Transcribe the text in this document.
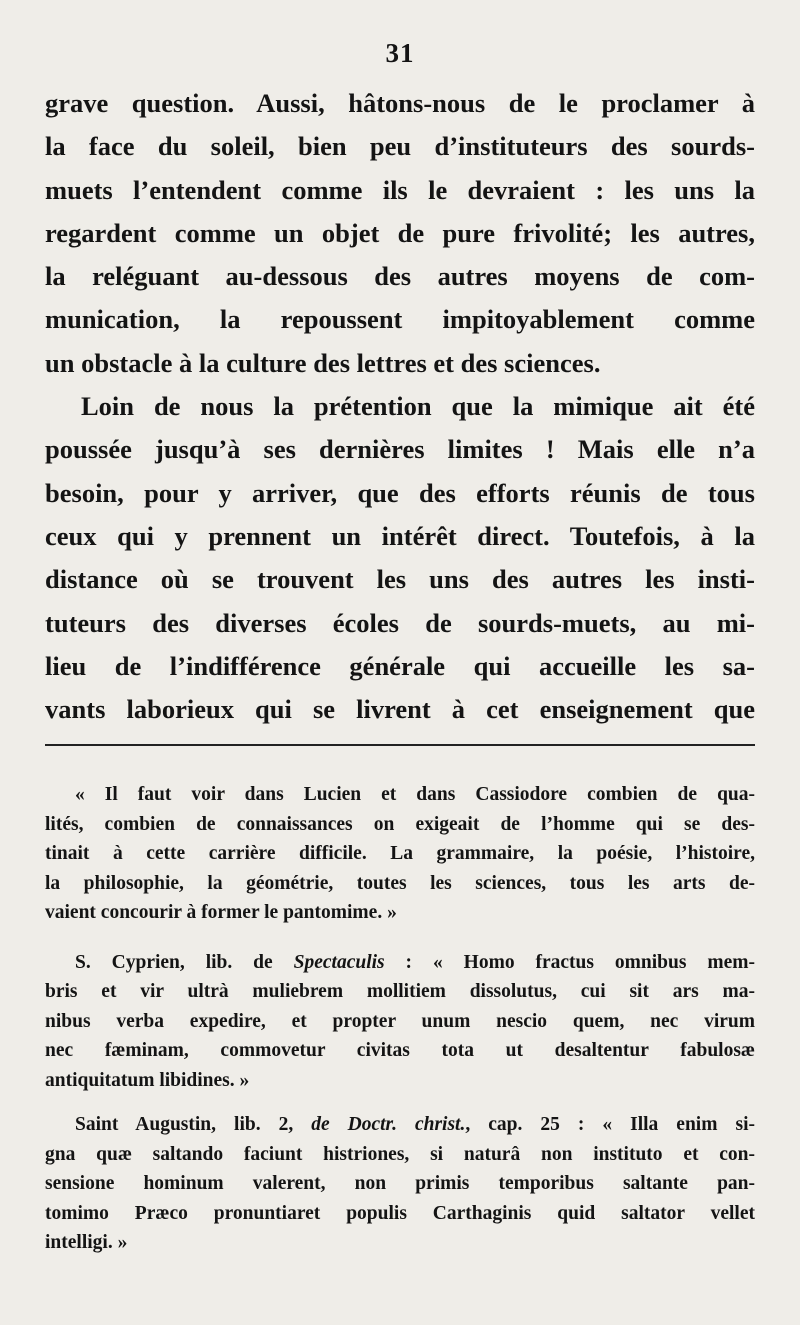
31
grave question. Aussi, hâtons-nous de le proclamer à
la face du soleil, bien peu d’instituteurs des sourds-
muets l’entendent comme ils le devraient : les uns la
regardent comme un objet de pure frivolité; les autres,
la reléguant au-dessous des autres moyens de com-
munication, la repoussent impitoyablement comme
un obstacle à la culture des lettres et des sciences.
Loin de nous la prétention que la mimique ait été
poussée jusqu’à ses dernières limites ! Mais elle n’a
besoin, pour y arriver, que des efforts réunis de tous
ceux qui y prennent un intérêt direct. Toutefois, à la
distance où se trouvent les uns des autres les insti-
tuteurs des diverses écoles de sourds-muets, au mi-
lieu de l’indifférence générale qui accueille les sa-
vants laborieux qui se livrent à cet enseignement que
« Il faut voir dans Lucien et dans Cassiodore combien de qua-
lités, combien de connaissances on exigeait de l’homme qui se des-
tinait à cette carrière difficile. La grammaire, la poésie, l’histoire,
la philosophie, la géométrie, toutes les sciences, tous les arts de-
vaient concourir à former le pantomime. »
S. Cyprien, lib. de Spectaculis : « Homo fractus omnibus mem-
bris et vir ultrà muliebrem mollitiem dissolutus, cui sit ars ma-
nibus verba expedire, et propter unum nescio quem, nec virum
nec fæminam, commovetur civitas tota ut desaltentur fabulosæ
antiquitatum libidines. »
Saint Augustin, lib. 2, de Doctr. christ., cap. 25 : « Illa enim si-
gna quæ saltando faciunt histriones, si naturâ non instituto et con-
sensione hominum valerent, non primis temporibus saltante pan-
tomimo Præco pronuntiaret populis Carthaginis quid saltator vellet
intelligi. »
